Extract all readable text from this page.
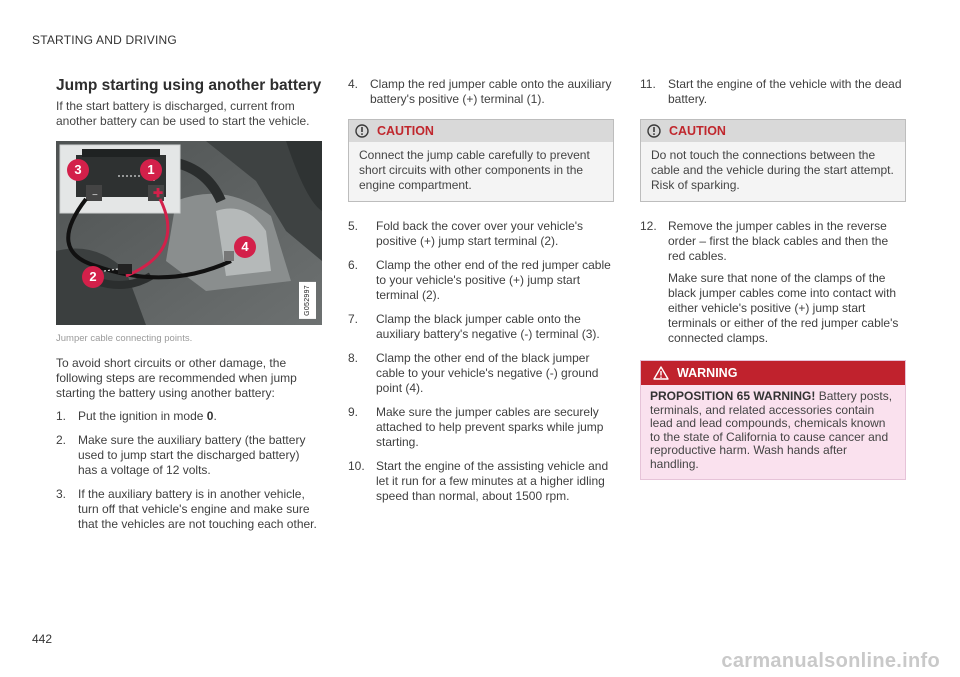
STARTING AND DRIVING
Jump starting using another battery
If the start battery is discharged, current from another battery can be used to start the vehicle.
−	✚
3	1
4
2
G052997
Jumper cable connecting points.

To avoid short circuits or other damage, the following steps are recommended when jump starting the battery using another battery:

1. Put the ignition in mode 0.
2. Make sure the auxiliary battery (the battery used to jump start the discharged battery) has a voltage of 12 volts.
3. If the auxiliary battery is in another vehicle, turn off that vehicle's engine and make sure that the vehicles are not touching each other.
4. Clamp the red jumper cable onto the auxiliary battery's positive (+) terminal (1).
CAUTION
Connect the jump cable carefully to prevent short circuits with other components in the engine compartment.
5. Fold back the cover over your vehicle's positive (+) jump start terminal (2).
6. Clamp the other end of the red jumper cable to your vehicle's positive (+) jump start terminal (2).
7. Clamp the black jumper cable onto the auxiliary battery's negative (-) terminal (3).
8. Clamp the other end of the black jumper cable to your vehicle's negative (-) ground point (4).
9. Make sure the jumper cables are securely attached to help prevent sparks while jump starting.
10. Start the engine of the assisting vehicle and let it run for a few minutes at a higher idling speed than normal, about 1500 rpm.
11. Start the engine of the vehicle with the dead battery.
CAUTION
Do not touch the connections between the cable and the vehicle during the start attempt. Risk of sparking.
12. Remove the jumper cables in the reverse order – first the black cables and then the red cables.
Make sure that none of the clamps of the black jumper cables come into contact with either vehicle's positive (+) jump start terminals or either of the red jumper cable's connected clamps.
WARNING
PROPOSITION 65 WARNING! Battery posts, terminals, and related accessories contain lead and lead compounds, chemicals known to the state of California to cause cancer and reproductive harm. Wash hands after handling.
442
carmanualsonline.info
